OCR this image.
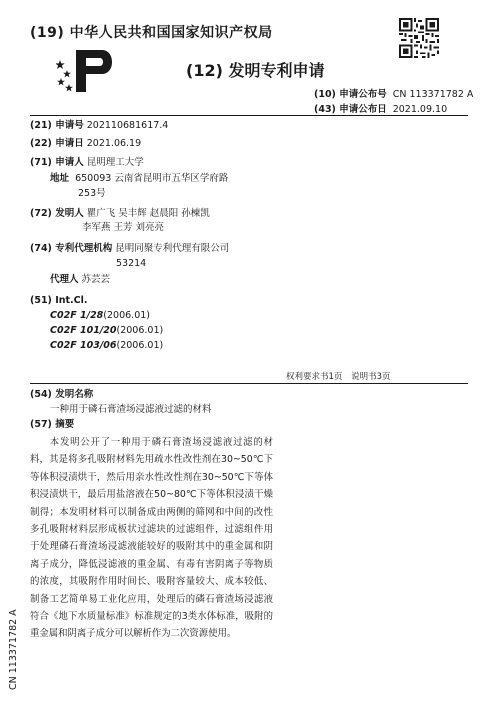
(19) 中华人民共和国国家知识产权局
(12) 发明专利申请
(10) 申请公布号 CN 113371782 A
(43) 申请公布日 2021.09.10
(21) 申请号 202110681617.4
(22) 申请日 2021.06.19
(71) 申请人 昆明理工大学
地址 650093 云南省昆明市五华区学府路
253号
(72) 发明人 瞿广飞 吴丰辉 赵晨阳 孙楝凯
李军燕 王芳 刘亮亮
(74) 专利代理机构 昆明同聚专利代理有限公司
53214
代理人 苏芸芸
(51) Int.Cl.
C02F 1/28(2006.01)
C02F 101/20(2006.01)
C02F 103/06(2006.01)
权利要求书1页 说明书3页
(54) 发明名称
一种用于磷石膏渣场浸滤液过滤的材料
(57) 摘要
本发明公开了一种用于磷石膏渣场浸滤液过滤的材料，其是将多孔吸附材料先用疏水性改性剂在30~50℃下等体积浸渍烘干，然后用亲水性改性剂在30~50℃下等体积浸渍烘干，最后用盐溶液在50~80℃下等体积浸渍干燥制得；本发明材料可以制备成由两侧的筛网和中间的改性多孔吸附材料层形成板状过滤块的过滤组件，过滤组件用于处理磷石膏渣场浸滤液能较好的吸附其中的重金属和阴离子成分，降低浸滤液的重金属、有毒有害阴离子等物质的浓度，其吸附作用时间长、吸附容量较大、成本较低、制备工艺简单易工业化应用，处理后的磷石膏渣场浸滤液符合《地下水质量标准》标准规定的3类水体标准，吸附的重金属和阴离子成分可以解析作为二次资源使用。
CN 113371782 A
